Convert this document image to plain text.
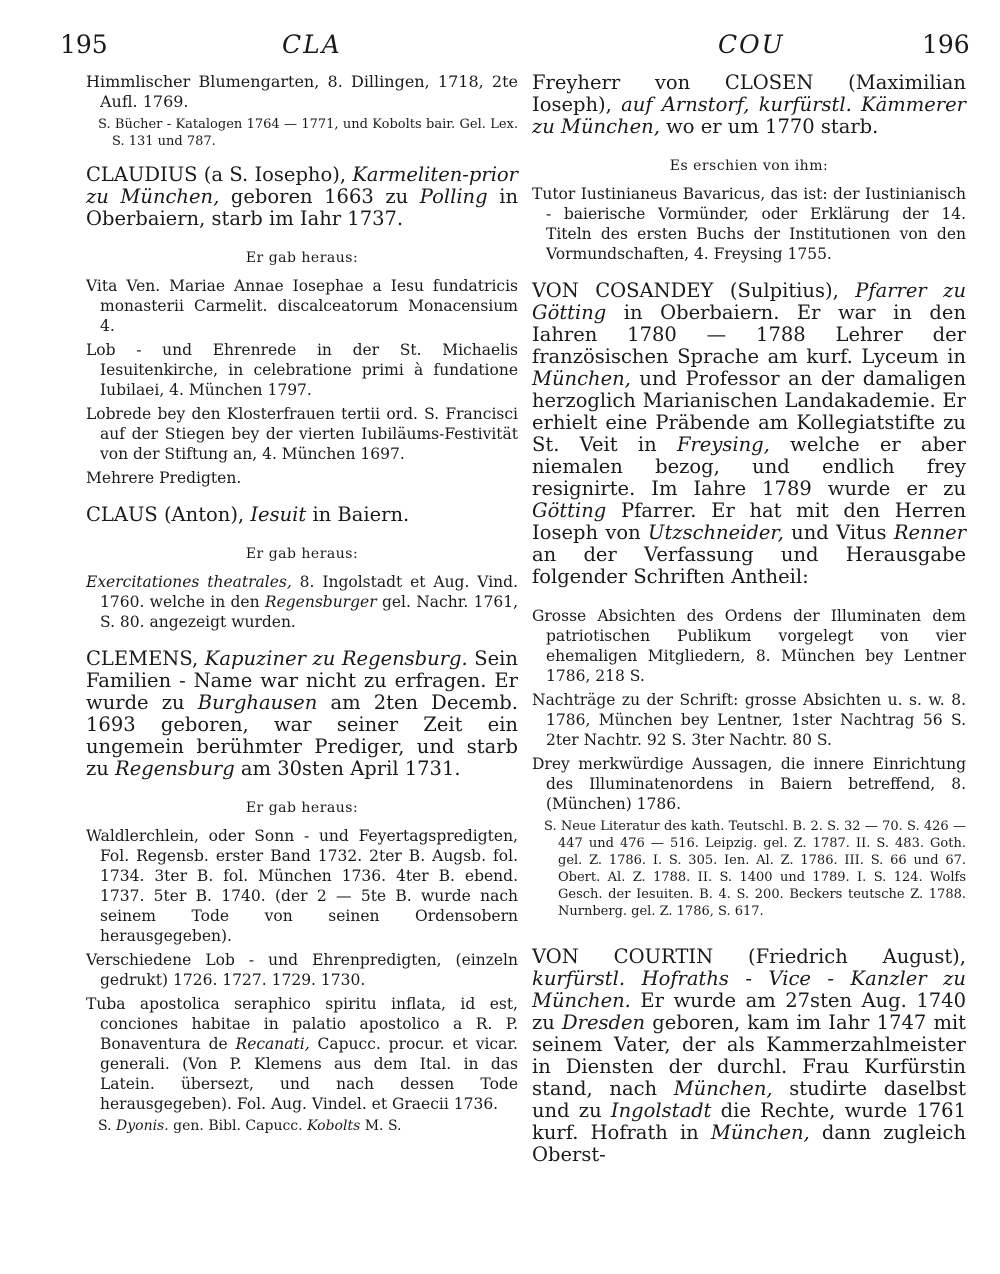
195	CLA	COU	196

Himmlischer Blumengarten, 8. Dillingen, 1718, 2te Aufl. 1769.

S. Bücher - Katalogen 1764 — 1771, und Kobolts bair. Gel. Lex. S. 131 und 787.

CLAUDIUS (a S. Iosepho), Karmeliten-prior zu München, geboren 1663 zu Polling in Oberbaiern, starb im Iahr 1737.

Er gab heraus:

Vita Ven. Mariae Annae Iosephae a Iesu fundatricis monasterii Carmelit. discalceatorum Monacensium 4.

Lob - und Ehrenrede in der St. Michaelis Iesuitenkirche, in celebratione primi à fundatione Iubilaei, 4. München 1797.

Lobrede bey den Klosterfrauen tertii ord. S. Francisci auf der Stiegen bey der vierten Iubiläums-Festivität von der Stiftung an, 4. München 1697.

Mehrere Predigten.

CLAUS (Anton), Iesuit in Baiern.

Er gab heraus:

Exercitationes theatrales, 8. Ingolstadt et Aug. Vind. 1760. welche in den Regensburger gel. Nachr. 1761, S. 80. angezeigt wurden.

CLEMENS, Kapuziner zu Regensburg. Sein Familien - Name war nicht zu erfragen. Er wurde zu Burghausen am 2ten Decemb. 1693 geboren, war seiner Zeit ein ungemein berühmter Prediger, und starb zu Regensburg am 30sten April 1731.

Er gab heraus:

Waldlerchlein, oder Sonn - und Feyertagspredigten, Fol. Regensb. erster Band 1732. 2ter B. Augsb. fol. 1734. 3ter B. fol. München 1736. 4ter B. ebend. 1737. 5ter B. 1740. (der 2 — 5te B. wurde nach seinem Tode von seinen Ordensobern herausgegeben).

Verschiedene Lob - und Ehrenpredigten, (einzeln gedrukt) 1726. 1727. 1729. 1730.

Tuba apostolica seraphico spiritu inflata, id est, conciones habitae in palatio apostolico a R. P. Bonaventura de Recanati, Capucc. procur. et vicar. generali. (Von P. Klemens aus dem Ital. in das Latein. übersezt, und nach dessen Tode herausgegeben). Fol. Aug. Vindel. et Graecii 1736.

S. Dyonis. gen. Bibl. Capucc. Kobolts M. S.

Freyherr von CLOSEN (Maximilian Ioseph), auf Arnstorf, kurfürstl. Kämmerer zu München, wo er um 1770 starb.

Es erschien von ihm:

Tutor Iustinianeus Bavaricus, das ist: der Iustinianisch - baierische Vormünder, oder Erklärung der 14. Titeln des ersten Buchs der Institutionen von den Vormundschaften, 4. Freysing 1755.

VON COSANDEY (Sulpitius), Pfarrer zu Götting in Oberbaiern. Er war in den Iahren 1780 — 1788 Lehrer der französischen Sprache am kurf. Lyceum in München, und Professor an der damaligen herzoglich Marianischen Landakademie. Er erhielt eine Präbende am Kollegiatstifte zu St. Veit in Freysing, welche er aber niemalen bezog, und endlich frey resignirte. Im Iahre 1789 wurde er zu Götting Pfarrer. Er hat mit den Herren Ioseph von Utzschneider, und Vitus Renner an der Verfassung und Herausgabe folgender Schriften Antheil:

Grosse Absichten des Ordens der Illuminaten dem patriotischen Publikum vorgelegt von vier ehemaligen Mitgliedern, 8. München bey Lentner 1786, 218 S.

Nachträge zu der Schrift: grosse Absichten u. s. w. 8. 1786, München bey Lentner, 1ster Nachtrag 56 S. 2ter Nachtr. 92 S. 3ter Nachtr. 80 S.

Drey merkwürdige Aussagen, die innere Einrichtung des Illuminatenordens in Baiern betreffend, 8. (München) 1786.

S. Neue Literatur des kath. Teutschl. B. 2. S. 32 — 70. S. 426 — 447 und 476 — 516. Leipzig. gel. Z. 1787. II. S. 483. Goth. gel. Z. 1786. I. S. 305. Ien. Al. Z. 1786. III. S. 66 und 67. Obert. Al. Z. 1788. II. S. 1400 und 1789. I. S. 124. Wolfs Gesch. der Iesuiten. B. 4. S. 200. Beckers teutsche Z. 1788. Nurnberg. gel. Z. 1786, S. 617.

VON COURTIN (Friedrich August), kurfürstl. Hofraths - Vice - Kanzler zu München. Er wurde am 27sten Aug. 1740 zu Dresden geboren, kam im Iahr 1747 mit seinem Vater, der als Kammerzahlmeister in Diensten der durchl. Frau Kurfürstin stand, nach München, studirte daselbst und zu Ingolstadt die Rechte, wurde 1761 kurf. Hofrath in München, dann zugleich Oberst-
